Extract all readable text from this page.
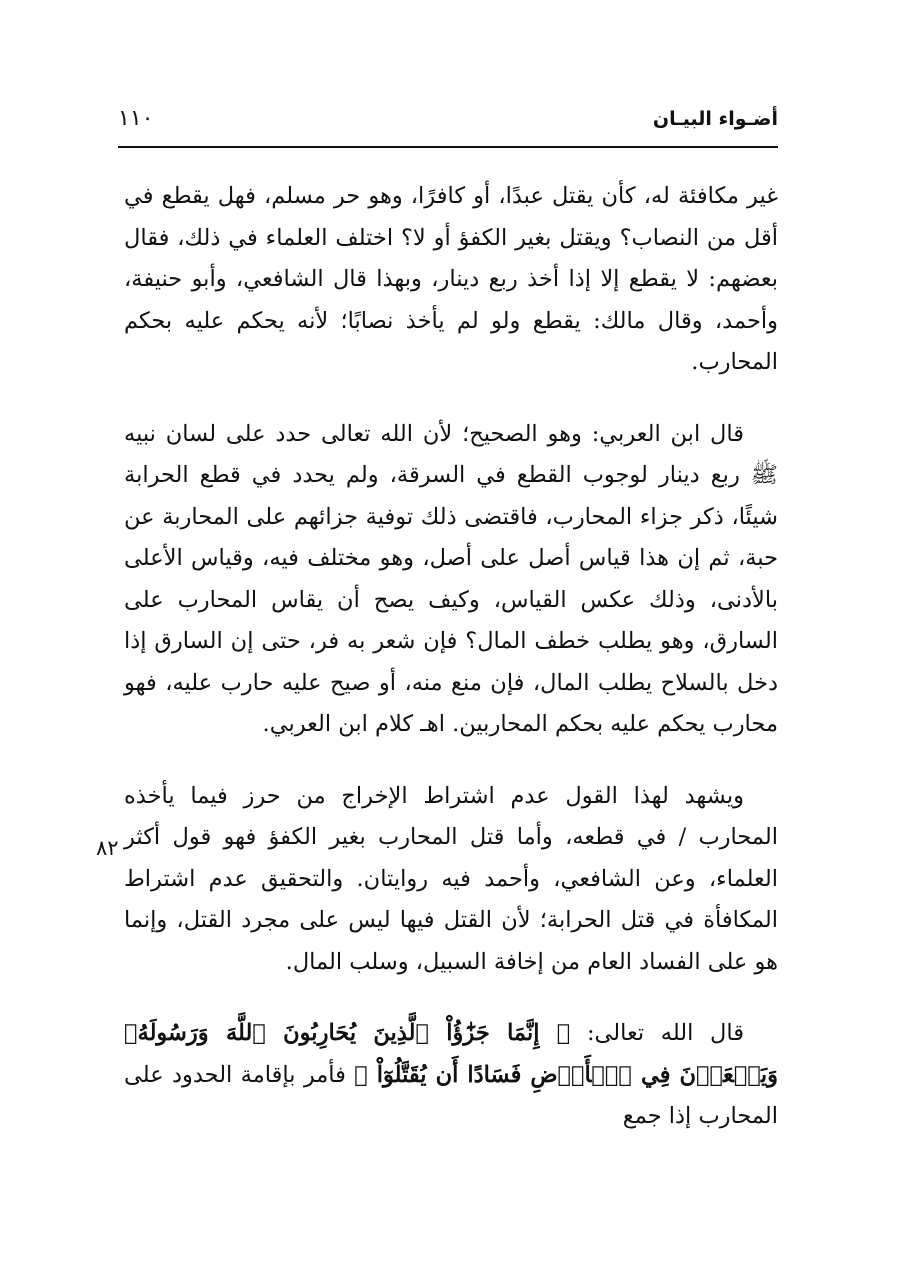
أضـواء البيـان
١١٠
٨٢

غير مكافئة له، كأن يقتل عبدًا، أو كافرًا، وهو حر مسلم، فهل يقطع في أقل من النصاب؟ ويقتل بغير الكفؤ أو لا؟ اختلف العلماء في ذلك، فقال بعضهم: لا يقطع إلا إذا أخذ ربع دينار، وبهذا قال الشافعي، وأبو حنيفة، وأحمد، وقال مالك: يقطع ولو لم يأخذ نصابًا؛ لأنه يحكم عليه بحكم المحارب.

قال ابن العربي: وهو الصحيح؛ لأن الله تعالى حدد على لسان نبيه ﷺ ربع دينار لوجوب القطع في السرقة، ولم يحدد في قطع الحرابة شيئًا، ذكر جزاء المحارب، فاقتضى ذلك توفية جزائهم على المحاربة عن حبة، ثم إن هذا قياس أصل على أصل، وهو مختلف فيه، وقياس الأعلى بالأدنى، وذلك عكس القياس، وكيف يصح أن يقاس المحارب على السارق، وهو يطلب خطف المال؟ فإن شعر به فر، حتى إن السارق إذا دخل بالسلاح يطلب المال، فإن منع منه، أو صيح عليه حارب عليه، فهو محارب يحكم عليه بحكم المحاربين. اهـ كلام ابن العربي.

ويشهد لهذا القول عدم اشتراط الإخراج من حرز فيما يأخذه المحارب / في قطعه، وأما قتل المحارب بغير الكفؤ فهو قول أكثر العلماء، وعن الشافعي، وأحمد فيه روايتان. والتحقيق عدم اشتراط المكافأة في قتل الحرابة؛ لأن القتل فيها ليس على مجرد القتل، وإنما هو على الفساد العام من إخافة السبيل، وسلب المال.

قال الله تعالى: ﴿ إِنَّمَا جَزَٰٓؤُاْ ٱلَّذِينَ يُحَارِبُونَ ٱللَّهَ وَرَسُولَهُۥ وَيَسۡعَوۡنَ فِي ٱلۡأَرۡضِ فَسَادًا أَن يُقَتَّلُوٓاْ ﴾ فأمر بإقامة الحدود على المحارب إذا جمع
